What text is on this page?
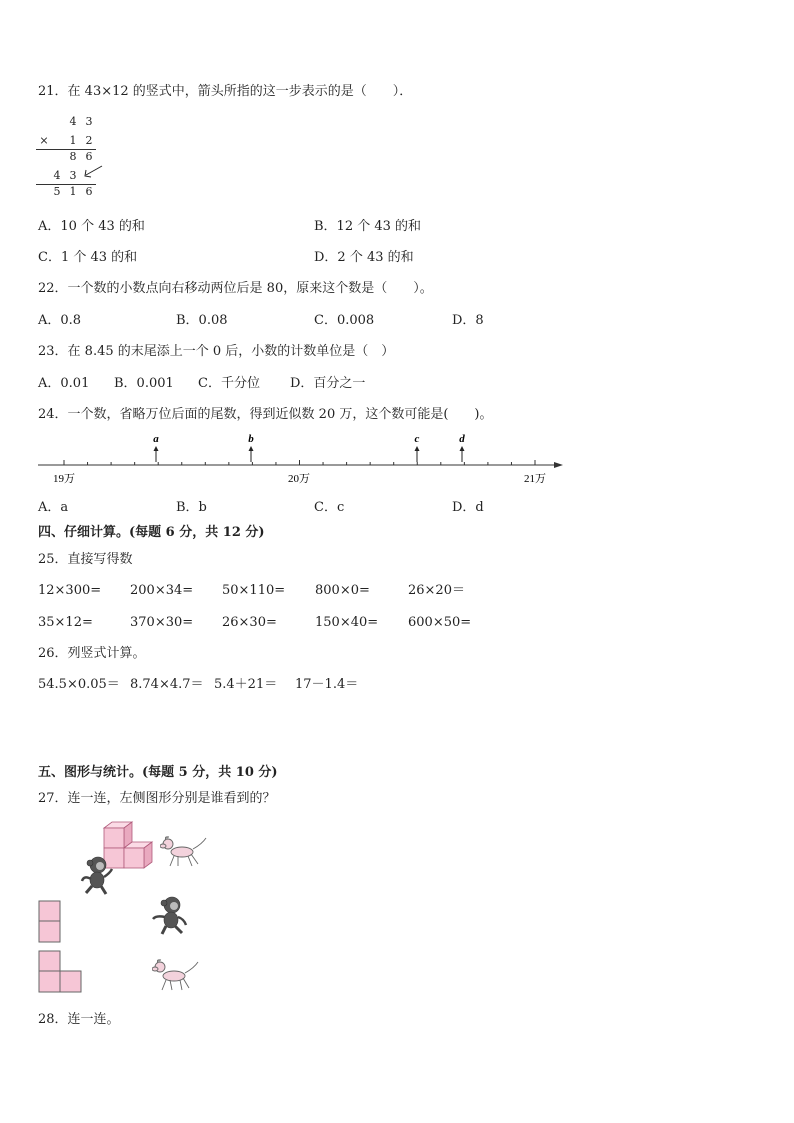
21．在 43×12 的竖式中，箭头所指的这一步表示的是（　　）．
4 3
× 1 2
8 6
4 3
5 1 6
A．10 个 43 的和	B．12 个 43 的和
C．1 个 43 的和	D．2 个 43 的和
22．一个数的小数点向右移动两位后是 80，原来这个数是（　　）。
A．0.8	B．0.08	C．0.008	D．8
23．在 8.45 的末尾添上一个 0 后，小数的计数单位是（　）
A．0.01 B．0.001 C．千分位 D．百分之一
24．一个数，省略万位后面的尾数，得到近似数 20 万，这个数可能是(　　)。
a	b	c	d
19万	20万	21万
A．a	B．b	C．c	D．d
四、仔细计算。(每题 6 分，共 12 分)
25．直接写得数
12×300= 200×34= 50×110= 800×0=	26×20＝
35×12=	370×30= 26×30=	150×40= 600×50=
26．列竖式计算。
54.5×0.05＝ 8.74×4.7＝ 5.4＋21＝ 17－1.4＝
五、图形与统计。(每题 5 分，共 10 分)
27．连一连，左侧图形分别是谁看到的？
28．连一连。
